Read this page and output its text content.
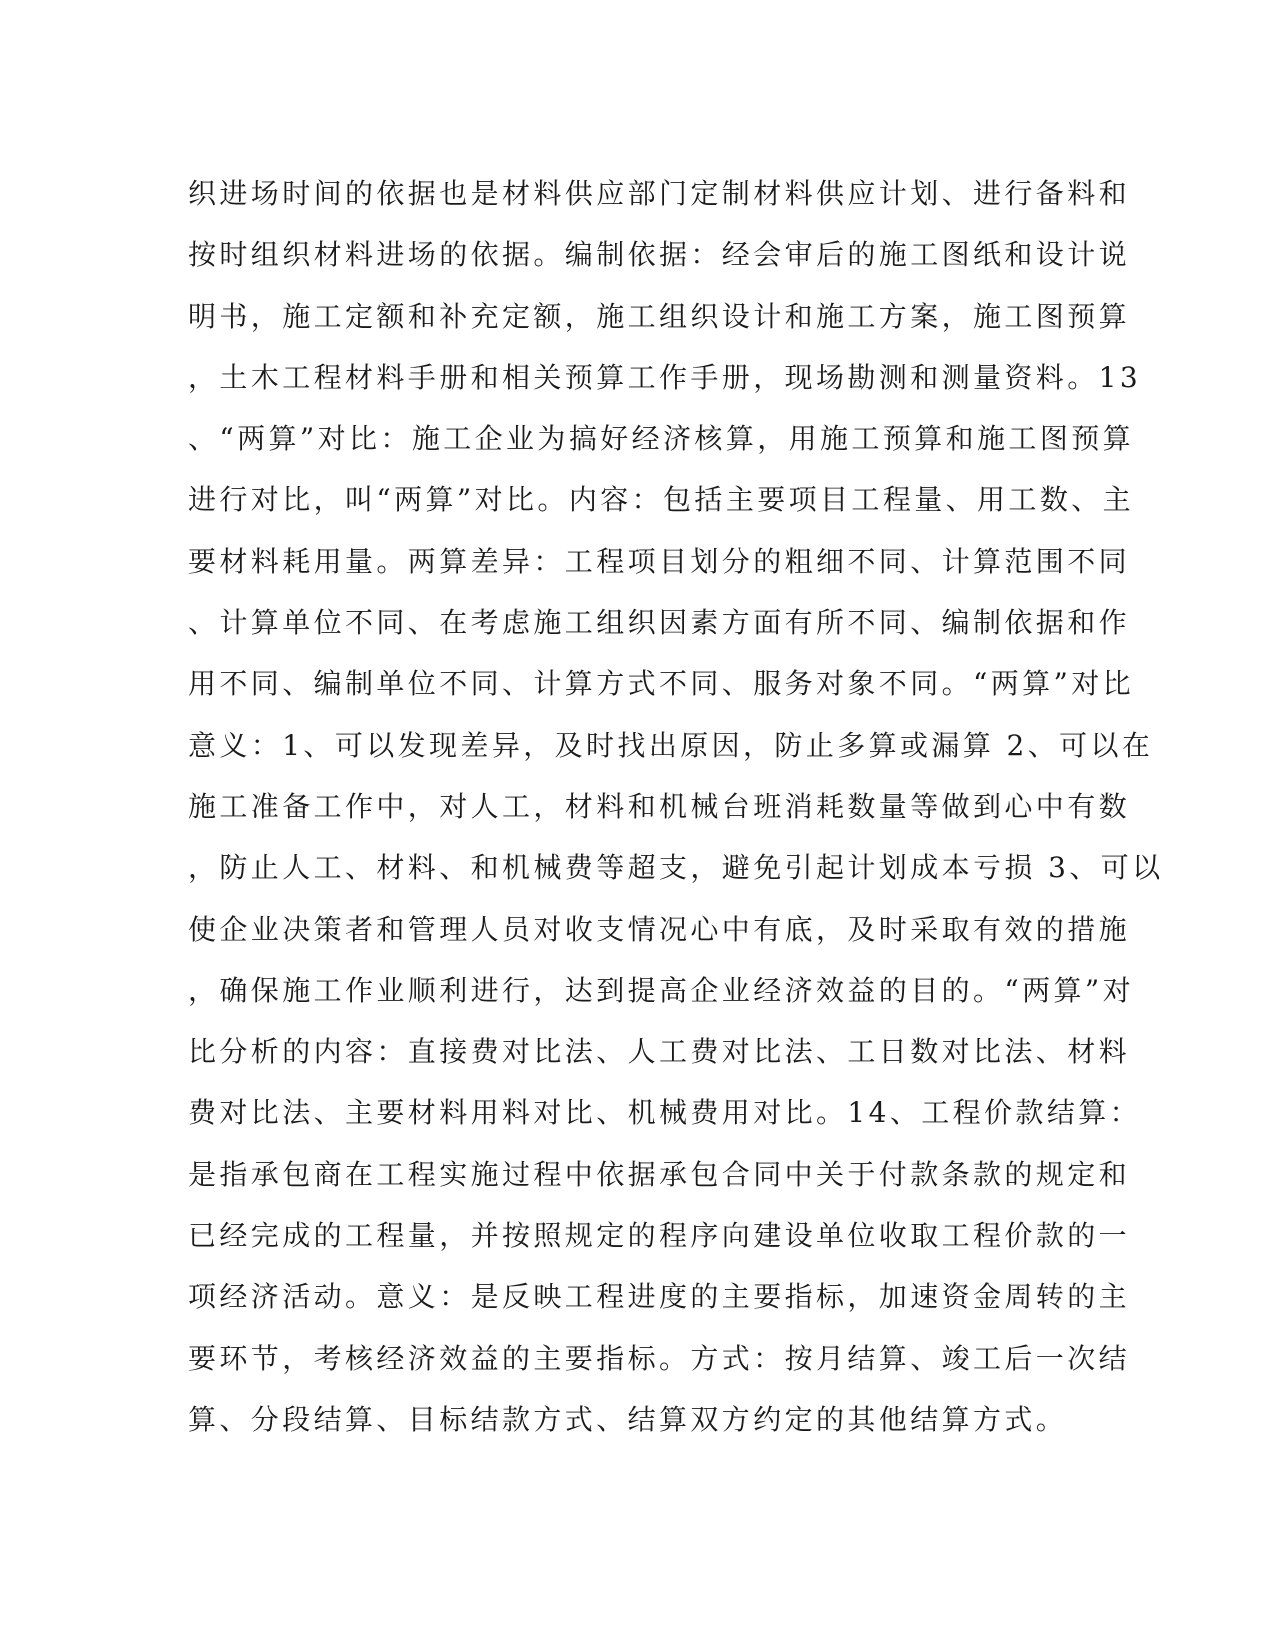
织进场时间的依据也是材料供应部门定制材料供应计划、进行备料和
按时组织材料进场的依据。编制依据：经会审后的施工图纸和设计说
明书，施工定额和补充定额，施工组织设计和施工方案，施工图预算
，土木工程材料手册和相关预算工作手册，现场勘测和测量资料。13
、“两算”对比：施工企业为搞好经济核算，用施工预算和施工图预算
进行对比，叫“两算”对比。内容：包括主要项目工程量、用工数、主
要材料耗用量。两算差异：工程项目划分的粗细不同、计算范围不同
、计算单位不同、在考虑施工组织因素方面有所不同、编制依据和作
用不同、编制单位不同、计算方式不同、服务对象不同。“两算”对比
意义：1、可以发现差异，及时找出原因，防止多算或漏算 2、可以在
施工准备工作中，对人工，材料和机械台班消耗数量等做到心中有数
，防止人工、材料、和机械费等超支，避免引起计划成本亏损 3、可以
使企业决策者和管理人员对收支情况心中有底，及时采取有效的措施
，确保施工作业顺利进行，达到提高企业经济效益的目的。“两算”对
比分析的内容：直接费对比法、人工费对比法、工日数对比法、材料
费对比法、主要材料用料对比、机械费用对比。14、工程价款结算：
是指承包商在工程实施过程中依据承包合同中关于付款条款的规定和
已经完成的工程量，并按照规定的程序向建设单位收取工程价款的一
项经济活动。意义：是反映工程进度的主要指标，加速资金周转的主
要环节，考核经济效益的主要指标。方式：按月结算、竣工后一次结
算、分段结算、目标结款方式、结算双方约定的其他结算方式。
